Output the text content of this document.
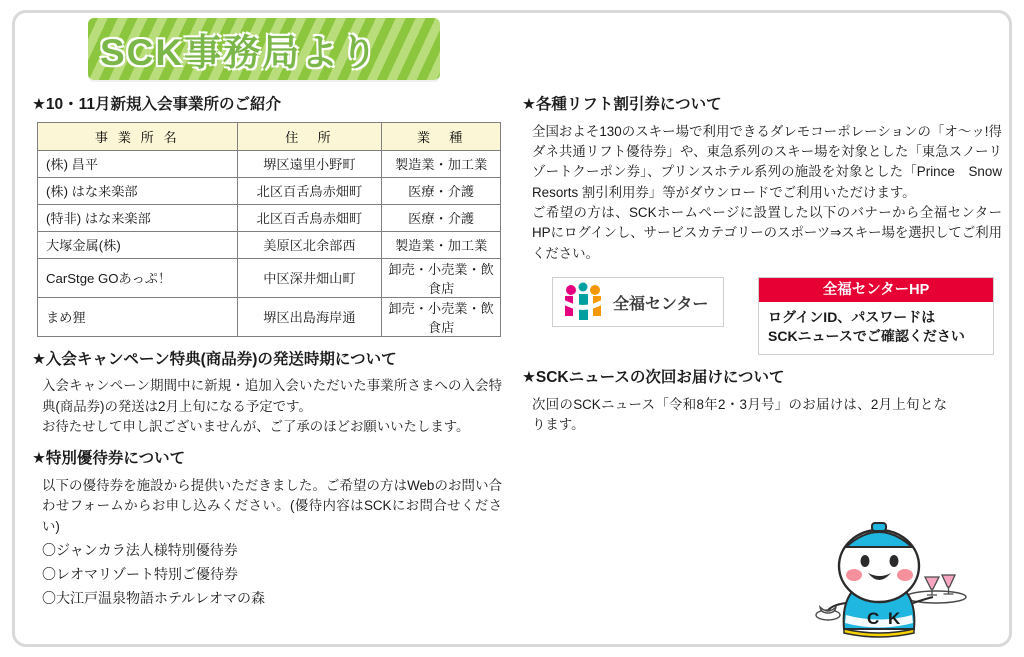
SCK事務局より
★10・11月新規入会事業所のご紹介
事 業 所 名	住　所	業　種
(株) 昌平	堺区遠里小野町	製造業・加工業
(株) はな来楽部	北区百舌鳥赤畑町	医療・介護
(特非) はな来楽部	北区百舌鳥赤畑町	医療・介護
大塚金属(株)	美原区北余部西	製造業・加工業
CarStge GOあっぷ！	中区深井畑山町	卸売・小売業・飲食店
まめ狸	堺区出島海岸通	卸売・小売業・飲食店
★入会キャンペーン特典(商品券)の発送時期について
入会キャンペーン期間中に新規・追加入会いただいた事業所さまへの入会特典(商品券)の発送は2月上旬になる予定です。
お待たせして申し訳ございませんが、ご了承のほどお願いいたします。
★特別優待券について
以下の優待券を施設から提供いただきました。ご希望の方はWebのお問い合わせフォームからお申し込みください。(優待内容はSCKにお問合せください)
〇ジャンカラ法人様特別優待券
〇レオマリゾート特別ご優待券
〇大江戸温泉物語ホテルレオマの森
★各種リフト割引券について
全国およそ130のスキー場で利用できるダレモコーポレーションの「オ〜ッ!得ダネ共通リフト優待券」や、東急系列のスキー場を対象とした「東急スノーリゾートクーポン券」、プリンスホテル系列の施設を対象とした「Prince　Snow　Resorts 割引利用券」等がダウンロードでご利用いただけます。
ご希望の方は、SCKホームページに設置した以下のバナーから全福センターHPにログインし、サービスカテゴリーのスポーツ⇒スキー場を選択してご利用ください。
全福センター
全福センターHP
ログインID、パスワードは
SCKニュースでご確認ください
★SCKニュースの次回お届けについて
次回のSCKニュース「令和8年2・3月号」のお届けは、2月上旬となります。
C K
